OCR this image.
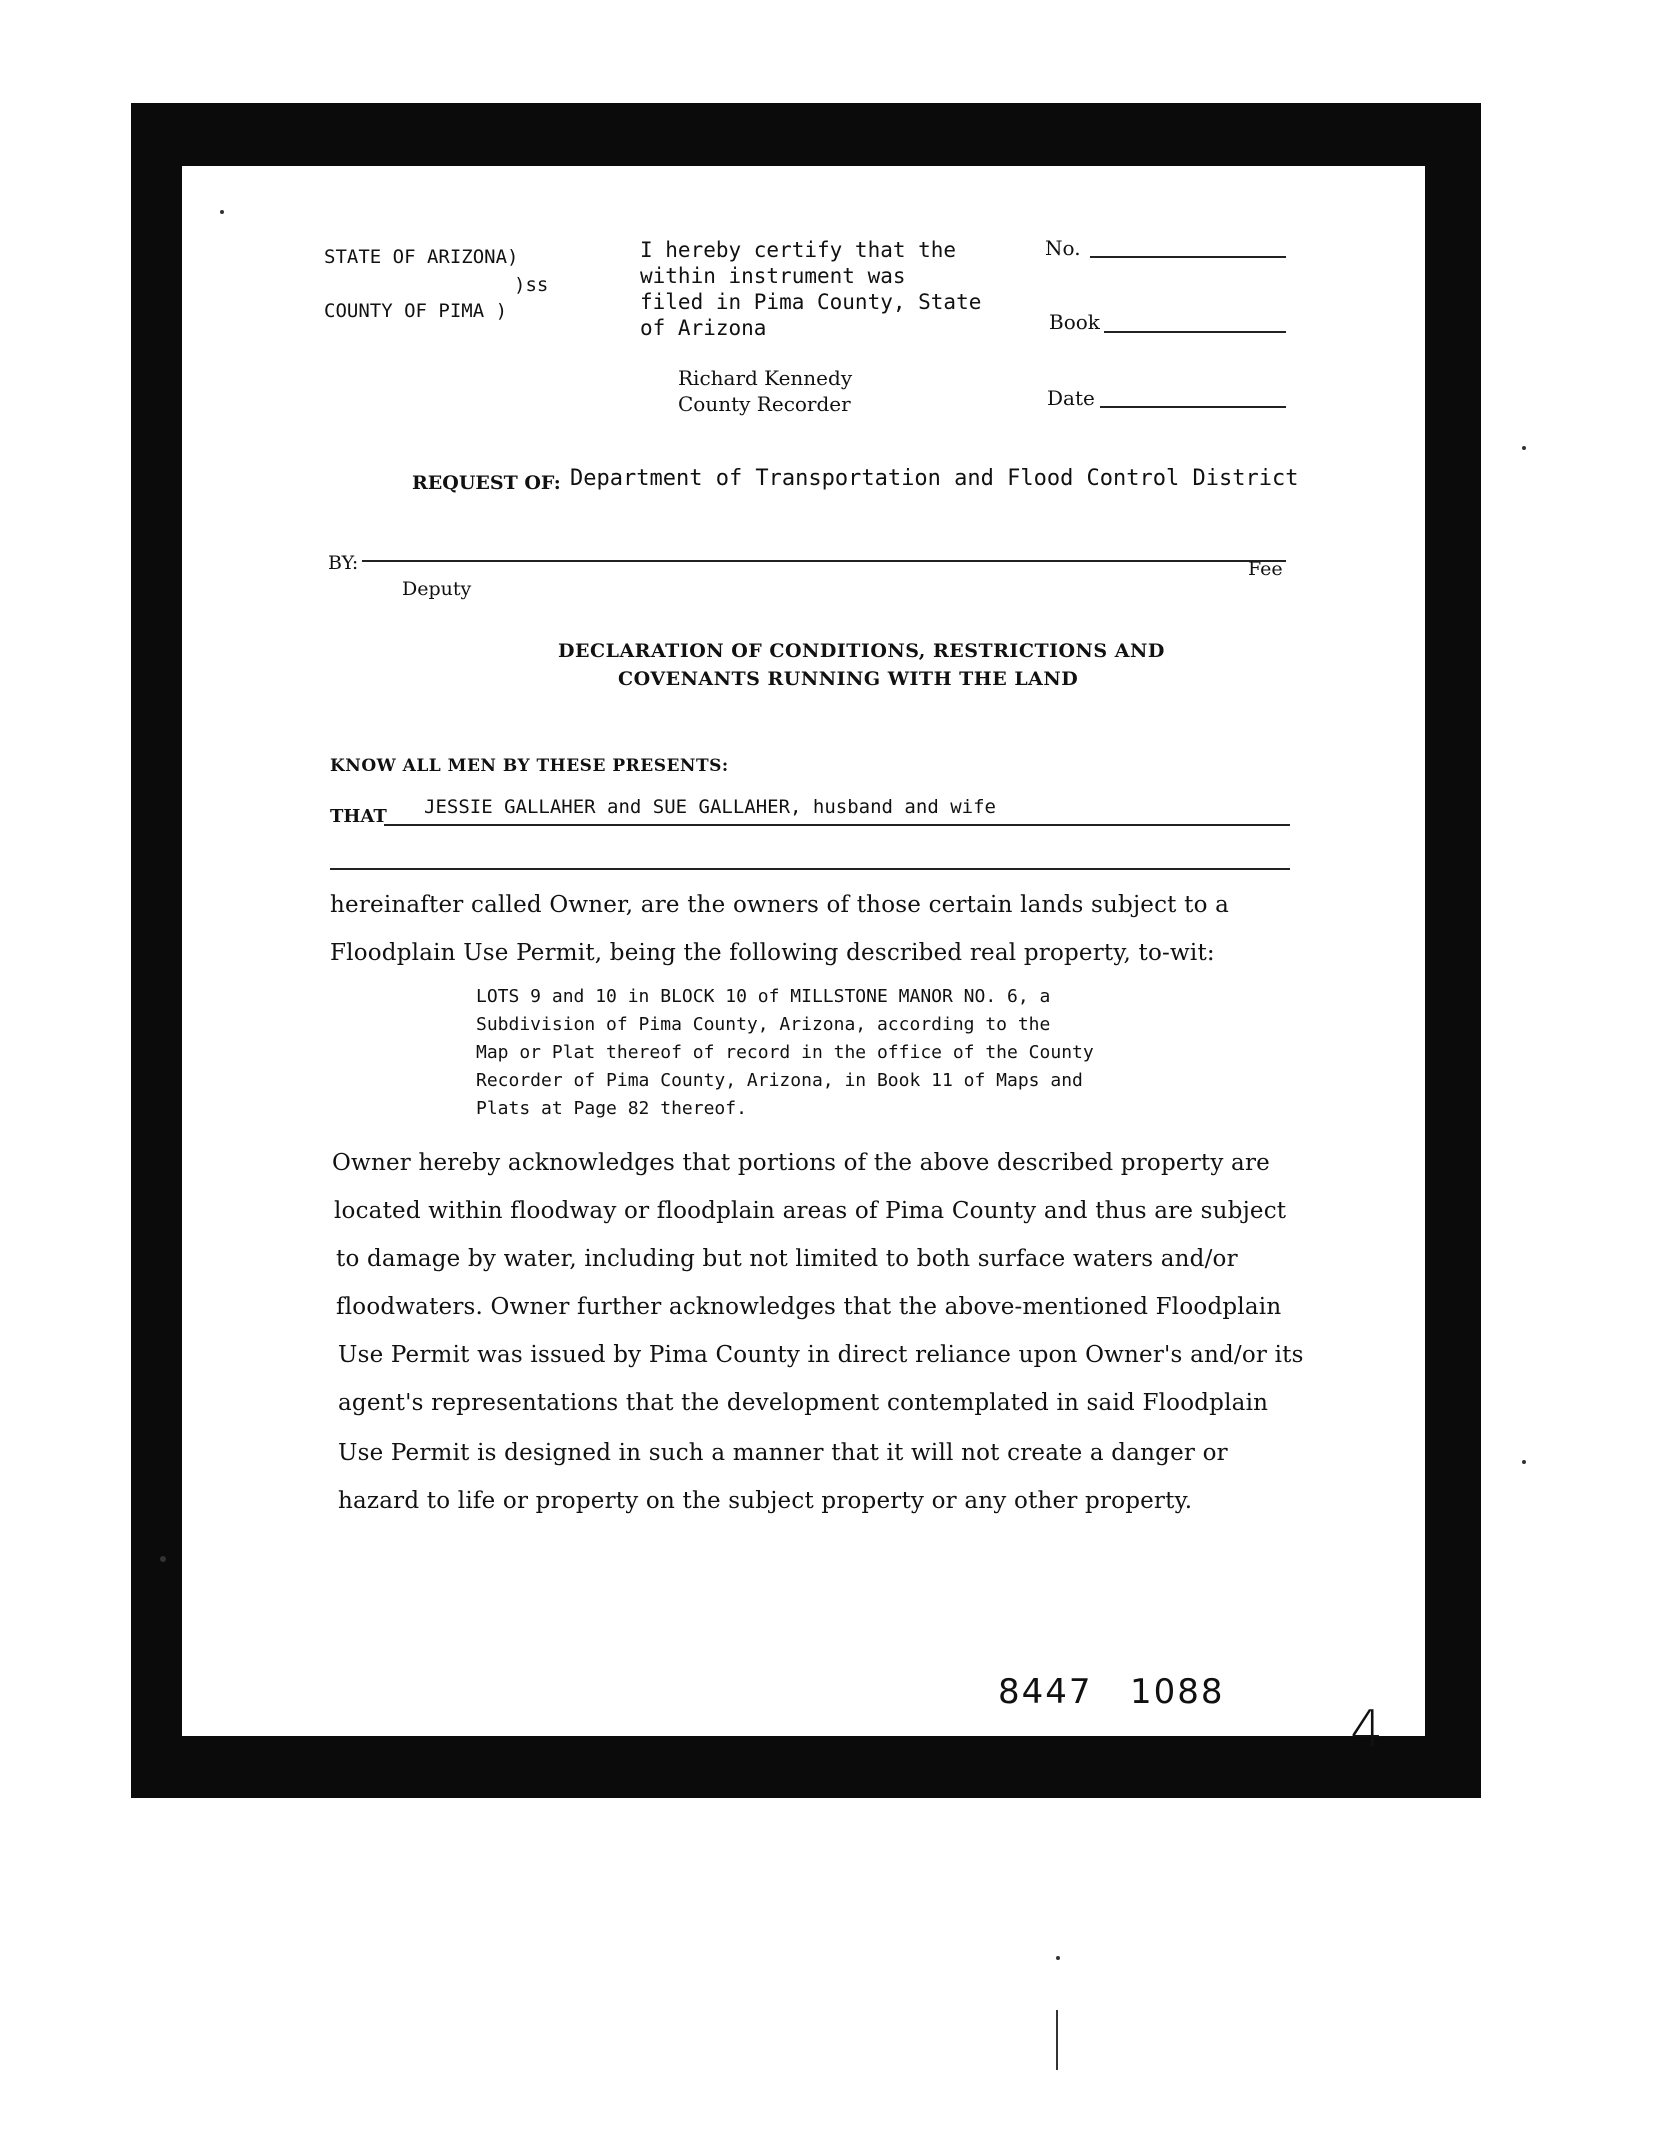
STATE OF ARIZONA)
)ss
COUNTY OF PIMA )
I hereby certify that the
within instrument was
filed in Pima County, State
of Arizona
Richard Kennedy
County Recorder
No.
Book
Date
REQUEST OF: Department of Transportation and Flood Control District
BY:
Deputy
Fee
DECLARATION OF CONDITIONS, RESTRICTIONS AND
COVENANTS RUNNING WITH THE LAND
KNOW ALL MEN BY THESE PRESENTS:
THAT JESSIE GALLAHER and SUE GALLAHER, husband and wife
hereinafter called Owner, are the owners of those certain lands subject to a
Floodplain Use Permit, being the following described real property, to-wit:
LOTS 9 and 10 in BLOCK 10 of MILLSTONE MANOR NO. 6, a
Subdivision of Pima County, Arizona, according to the
Map or Plat thereof of record in the office of the County
Recorder of Pima County, Arizona, in Book 11 of Maps and
Plats at Page 82 thereof.
Owner hereby acknowledges that portions of the above described property are
located within floodway or floodplain areas of Pima County and thus are subject
to damage by water, including but not limited to both surface waters and/or
floodwaters. Owner further acknowledges that the above-mentioned Floodplain
Use Permit was issued by Pima County in direct reliance upon Owner's and/or its
agent's representations that the development contemplated in said Floodplain
Use Permit is designed in such a manner that it will not create a danger or
hazard to life or property on the subject property or any other property.
8447 1088
4
